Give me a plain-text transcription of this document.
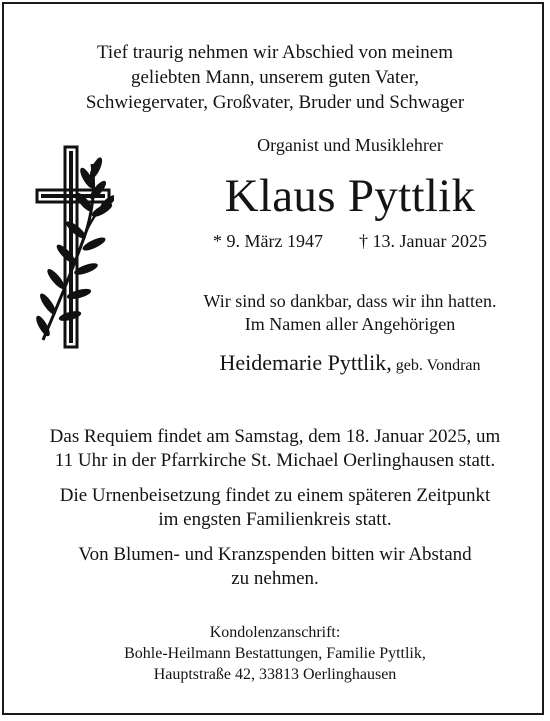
Tief traurig nehmen wir Abschied von meinem
geliebten Mann, unserem guten Vater,
Schwiegervater, Großvater, Bruder und Schwager
Organist und Musiklehrer
Klaus Pyttlik
* 9. März 1947 † 13. Januar 2025
Wir sind so dankbar, dass wir ihn hatten.
Im Namen aller Angehörigen
Heidemarie Pyttlik, geb. Vondran
Das Requiem findet am Samstag, dem 18. Januar 2025, um
11 Uhr in der Pfarrkirche St. Michael Oerlinghausen statt.
Die Urnenbeisetzung findet zu einem späteren Zeitpunkt
im engsten Familienkreis statt.
Von Blumen- und Kranzspenden bitten wir Abstand
zu nehmen.
Kondolenzanschrift:
Bohle-Heilmann Bestattungen, Familie Pyttlik,
Hauptstraße 42, 33813 Oerlinghausen
